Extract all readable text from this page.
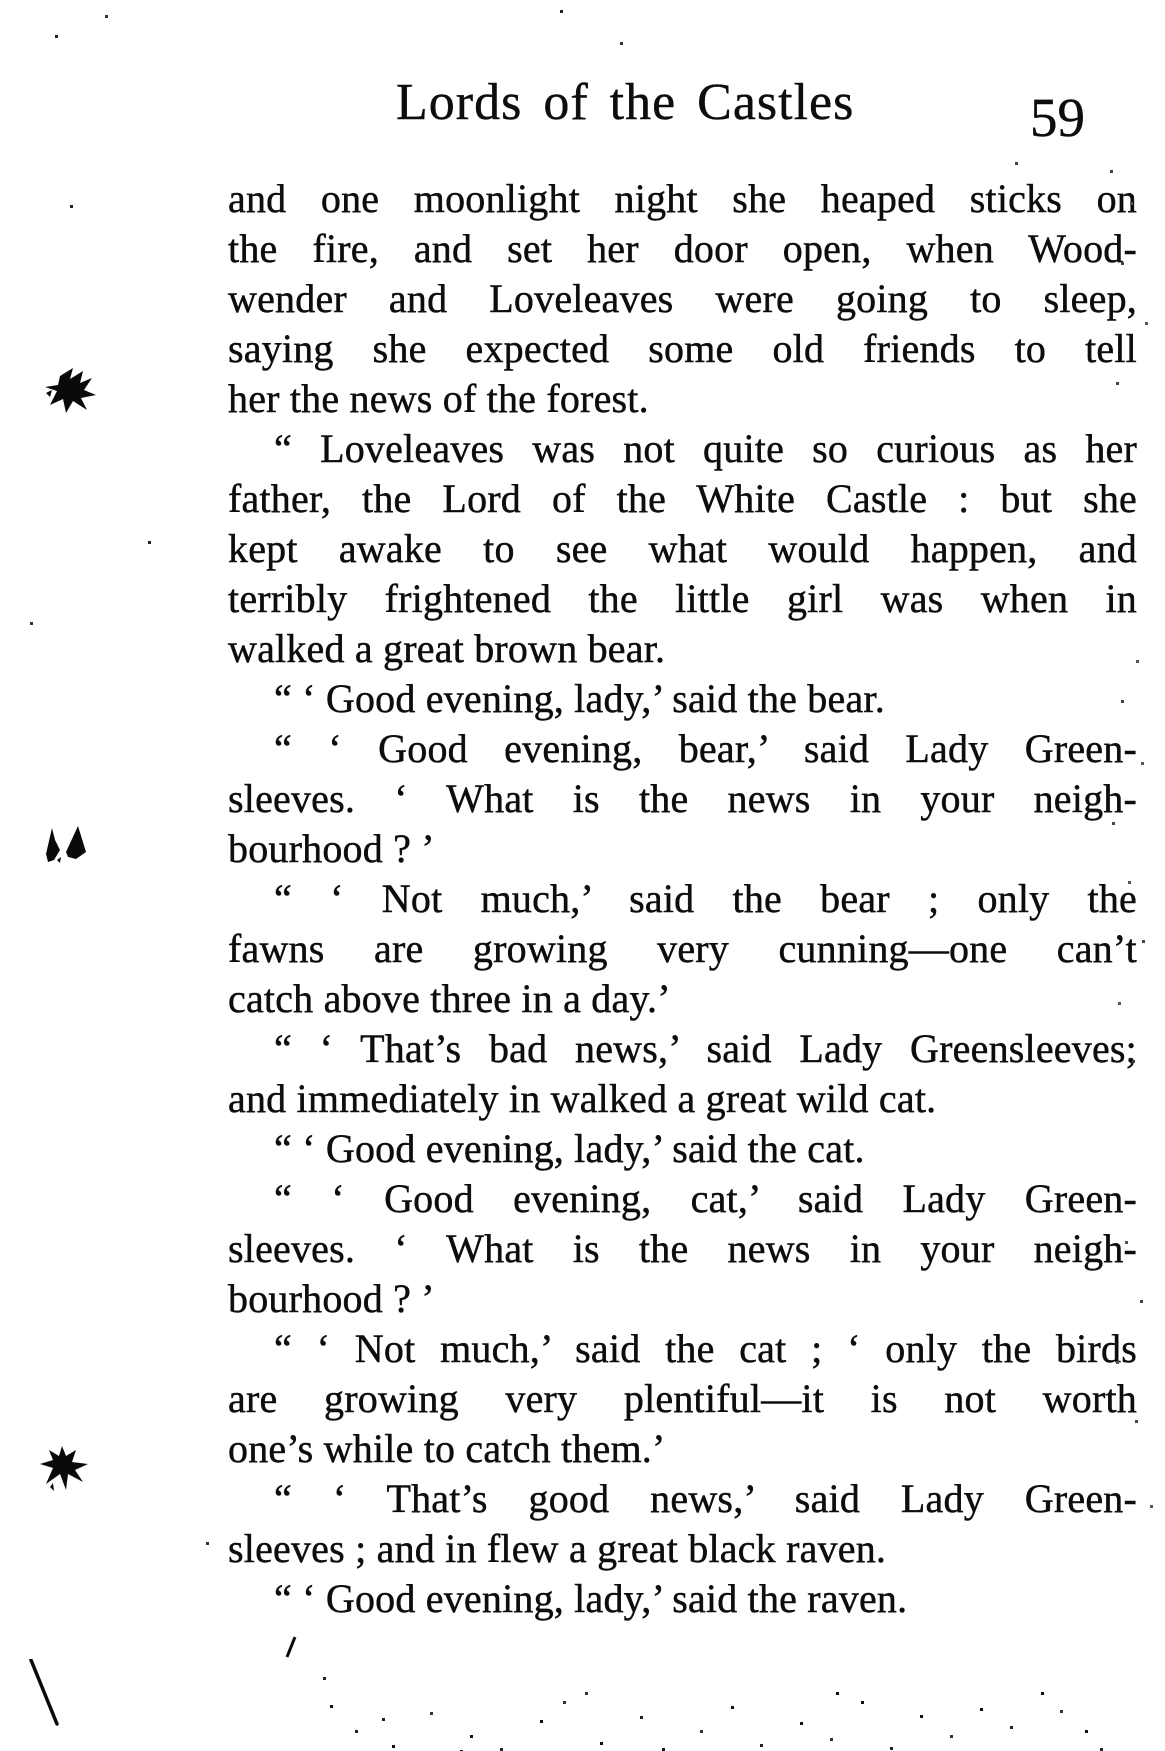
Lords of the Castles	59
and one moonlight night she heaped sticks on
the fire, and set her door open, when Wood-
wender and Loveleaves were going to sleep,
saying she expected some old friends to tell
her the news of the forest.
“ Loveleaves was not quite so curious as her
father, the Lord of the White Castle : but she
kept awake to see what would happen, and
terribly frightened the little girl was when in
walked a great brown bear.
“ ‘ Good evening, lady,’ said the bear.
“ ‘ Good evening, bear,’ said Lady Green-
sleeves. ‘ What is the news in your neigh-
bourhood ? ’
“ ‘ Not much,’ said the bear ; only the
fawns are growing very cunning—one can’t
catch above three in a day.’
“ ‘ That’s bad news,’ said Lady Greensleeves;
and immediately in walked a great wild cat.
“ ‘ Good evening, lady,’ said the cat.
“ ‘ Good evening, cat,’ said Lady Green-
sleeves. ‘ What is the news in your neigh-
bourhood ? ’
“ ‘ Not much,’ said the cat ; ‘ only the birds
are growing very plentiful—it is not worth
one’s while to catch them.’
“ ‘ That’s good news,’ said Lady Green-
sleeves ; and in flew a great black raven.
“ ‘ Good evening, lady,’ said the raven.
